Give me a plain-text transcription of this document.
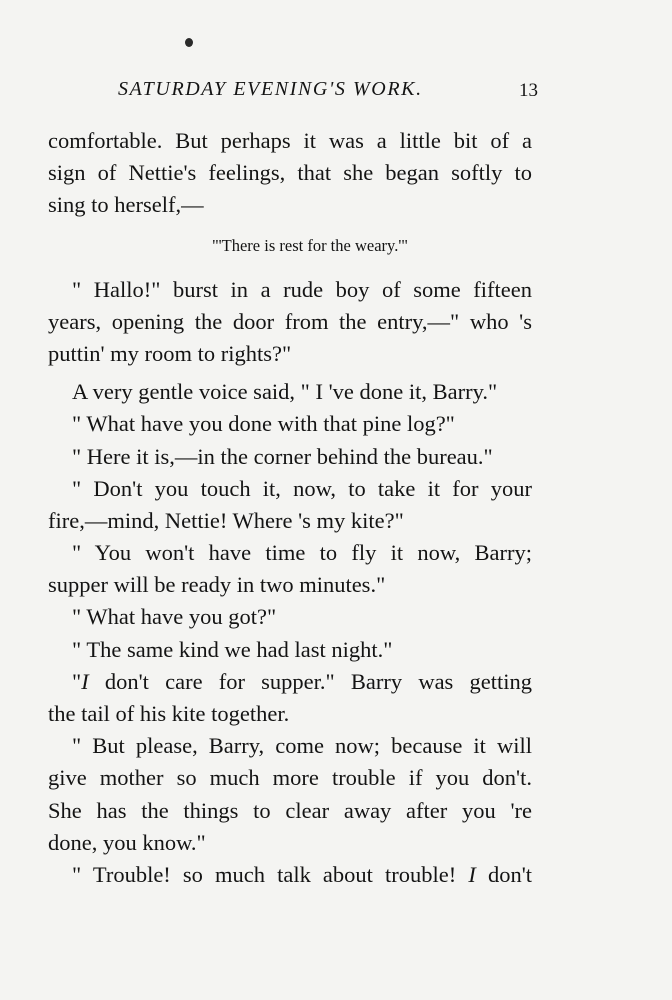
SATURDAY EVENING'S WORK.	13
comfortable. But perhaps it was a little bit of a
sign of Nettie's feelings, that she began softly to
sing to herself,—
"'There is rest for the weary.'"
" Hallo!" burst in a rude boy of some fifteen
years, opening the door from the entry,—" who 's
puttin' my room to rights?"
A very gentle voice said, " I 've done it, Barry."
" What have you done with that pine log?"
" Here it is,—in the corner behind the bureau."
" Don't you touch it, now, to take it for your
fire,—mind, Nettie! Where 's my kite?"
" You won't have time to fly it now, Barry;
supper will be ready in two minutes."
" What have you got?"
" The same kind we had last night."
"I don't care for supper." Barry was getting
the tail of his kite together.
" But please, Barry, come now; because it will
give mother so much more trouble if you don't.
She has the things to clear away after you 're
done, you know."
" Trouble! so much talk about trouble! I don't
